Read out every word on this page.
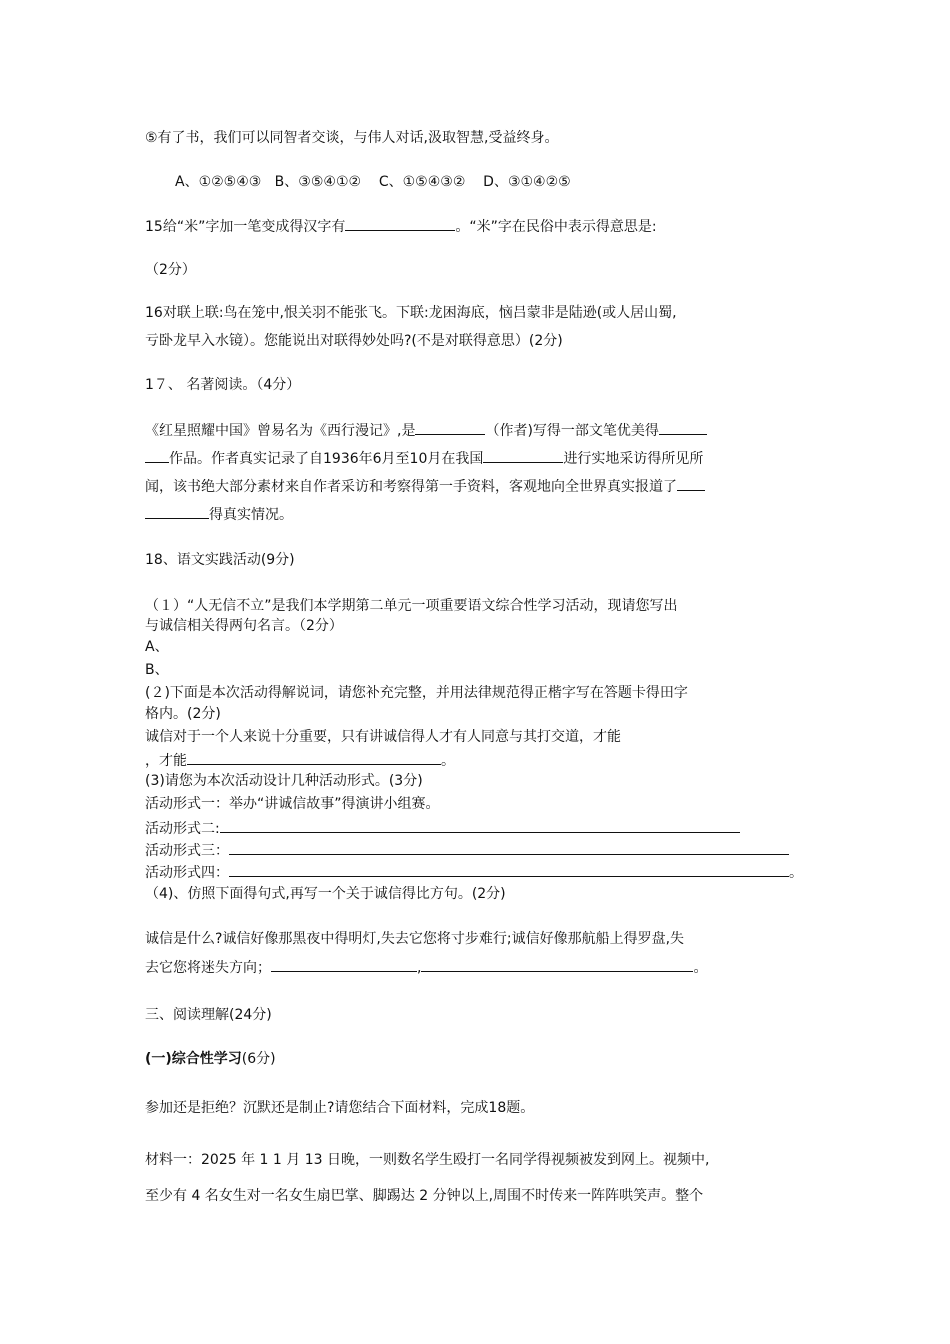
⑤有了书，我们可以同智者交谈，与伟人对话,汲取智慧,受益终身。
A、①②⑤④③   B、③⑤④①②    C、①⑤④③②    D、③①④②⑤
15给“米”字加一笔变成得汉字有	。“米”字在民俗中表示得意思是:
（2分）
16对联上联:鸟在笼中,恨关羽不能张飞。下联:龙困海底，恼吕蒙非是陆逊(或人居山蜀,
亏卧龙早入水镜）。您能说出对联得妙处吗?(不是对联得意思）(2分)
1７、 名著阅读。（4分）
《红星照耀中国》曾易名为《西行漫记》,是	（作者)写得一部文笔优美得
作品。作者真实记录了自1936年6月至10月在我国	进行实地采访得所见所
闻，该书绝大部分素材来自作者采访和考察得第一手资料，客观地向全世界真实报道了
得真实情况。
18、语文实践活动(9分)
（１）“人无信不立”是我们本学期第二单元一项重要语文综合性学习活动，现请您写出
与诚信相关得两句名言。（2分）
A、
B、
(２)下面是本次活动得解说词，请您补充完整，并用法律规范得正楷字写在答题卡得田字
格内。(2分)
诚信对于一个人来说十分重要，只有讲诚信得人才有人同意与其打交道，才能
，才能	。
(3)请您为本次活动设计几种活动形式。(3分)
活动形式一：举办“讲诚信故事”得演讲小组赛。
活动形式二:
活动形式三：
活动形式四：	。
（4)、仿照下面得句式,再写一个关于诚信得比方句。(2分)
诚信是什么?诚信好像那黑夜中得明灯,失去它您将寸步难行;诚信好像那航船上得罗盘,失
去它您将迷失方向；	,	。
三、阅读理解(24分)
(一)综合性学习(6分)
参加还是拒绝？沉默还是制止?请您结合下面材料，完成18题。
材料一：2025 年 1 1 月 13 日晚，一则数名学生殴打一名同学得视频被发到网上。视频中,
至少有 4 名女生对一名女生扇巴掌、脚踢达 2 分钟以上,周围不时传来一阵阵哄笑声。整个
